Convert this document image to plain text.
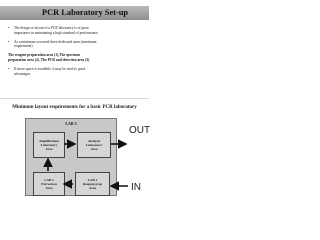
PCR Laboratory Set-up
• The design or layout of a PCR laboratory is of great
importance in maintaining a high standard of performance.
• As a minimum you need three dedicated areas (minimum
requirement)
The reagent preparation area (1),The specimen
preparation area (2). The PCR and detection area (3)
• If more space is available, it may be used to good
advantages.
Minimum layout requirements for a basic PCR laboratory
LAB 3
Amplification
Laboratory
Area
Analysis
Laboratory
Area
LAB 2
Extraction
Area
LAB 1
Reagent prep
Area
OUT
IN
